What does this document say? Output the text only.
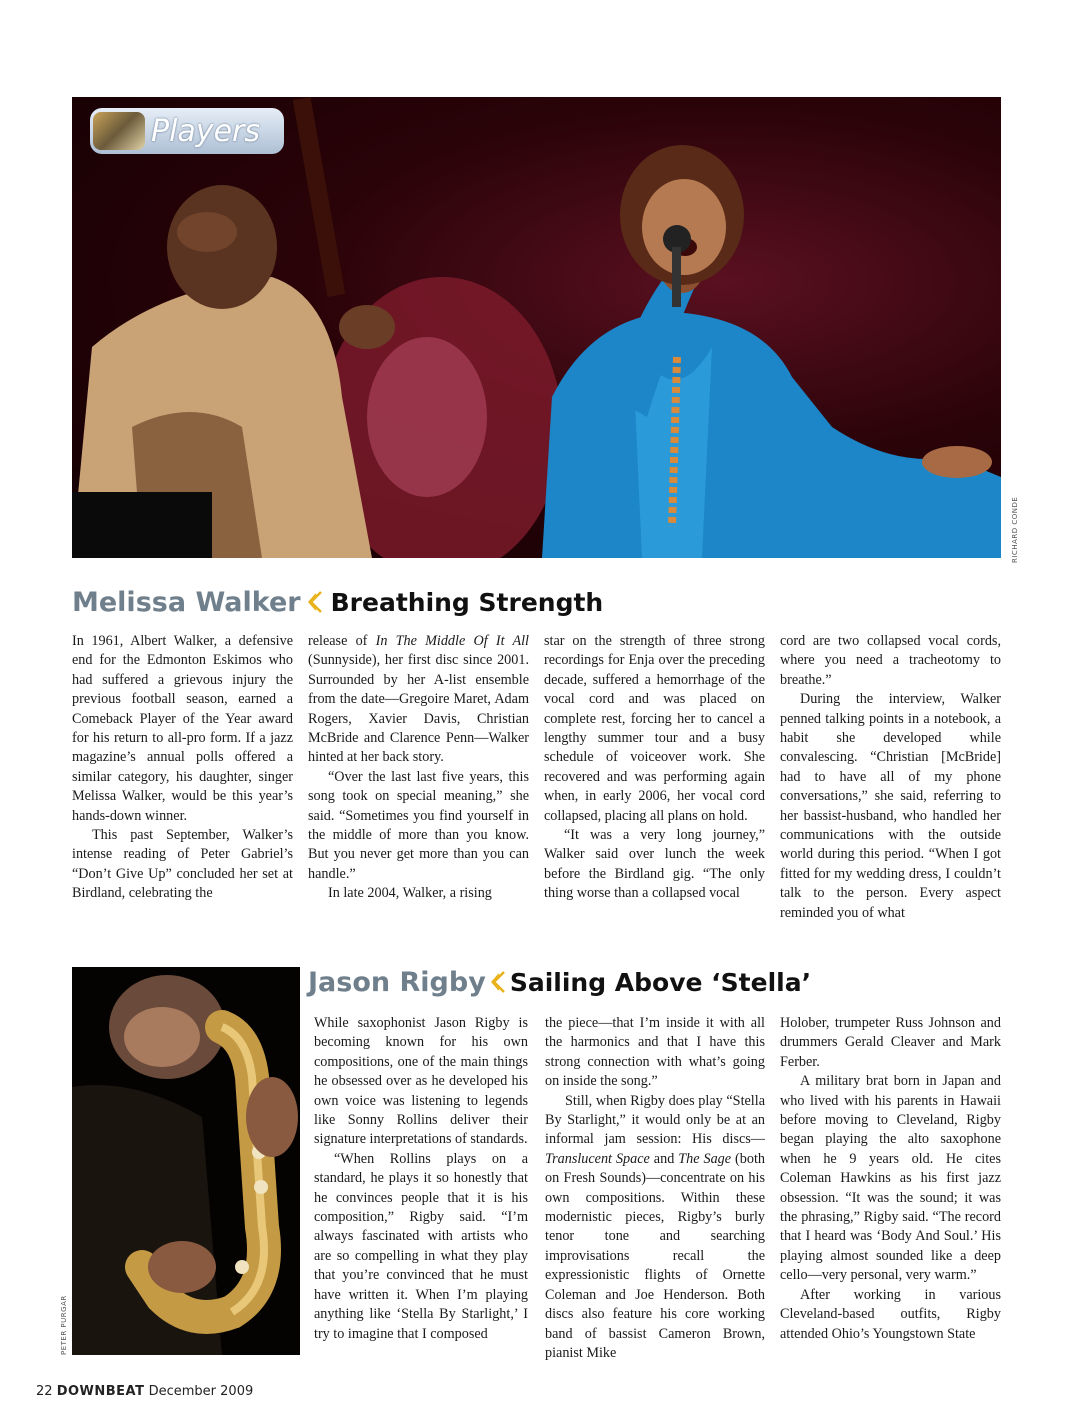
Players
RICHARD CONDE
Melissa Walker Breathing Strength

In 1961, Albert Walker, a defensive end for the Edmonton Eskimos who had suffered a grievous injury the previous football season, earned a Comeback Player of the Year award for his return to all-pro form. If a jazz magazine’s annual polls offered a similar category, his daughter, singer Melissa Walker, would be this year’s hands-down winner.

This past September, Walker’s intense reading of Peter Gabriel’s “Don’t Give Up” concluded her set at Birdland, celebrating the

release of In The Middle Of It All (Sunnyside), her first disc since 2001. Surrounded by her A-list ensemble from the date—Gregoire Maret, Adam Rogers, Xavier Davis, Christian McBride and Clarence Penn—Walker hinted at her back story.

“Over the last last five years, this song took on special meaning,” she said. “Sometimes you find yourself in the middle of more than you know. But you never get more than you can handle.”

In late 2004, Walker, a rising

star on the strength of three strong recordings for Enja over the preceding decade, suffered a hemorrhage of the vocal cord and was placed on complete rest, forcing her to cancel a lengthy summer tour and a busy schedule of voiceover work. She recovered and was performing again when, in early 2006, her vocal cord collapsed, placing all plans on hold.

“It was a very long journey,” Walker said over lunch the week before the Birdland gig. “The only thing worse than a collapsed vocal

cord are two collapsed vocal cords, where you need a tracheotomy to breathe.”

During the interview, Walker penned talking points in a notebook, a habit she developed while convalescing. “Christian [McBride] had to have all of my phone conversations,” she said, referring to her bassist-husband, who handled her communications with the outside world during this period. “When I got fitted for my wedding dress, I couldn’t talk to the person. Every aspect reminded you of what

PETER PURGAR
Jason Rigby Sailing Above ‘Stella’

While saxophonist Jason Rigby is becoming known for his own compositions, one of the main things he obsessed over as he developed his own voice was listening to legends like Sonny Rollins deliver their signature interpretations of standards.

“When Rollins plays on a standard, he plays it so honestly that he convinces people that it is his composition,” Rigby said. “I’m always fascinated with artists who are so compelling in what they play that you’re convinced that he must have written it. When I’m playing anything like ‘Stella By Starlight,’ I try to imagine that I composed

the piece—that I’m inside it with all the harmonics and that I have this strong connection with what’s going on inside the song.”

Still, when Rigby does play “Stella By Starlight,” it would only be at an informal jam session: His discs—Translucent Space and The Sage (both on Fresh Sounds)—concentrate on his own compositions. Within these modernistic pieces, Rigby’s burly tenor tone and searching improvisations recall the expressionistic flights of Ornette Coleman and Joe Henderson. Both discs also feature his core working band of bassist Cameron Brown, pianist Mike

Holober, trumpeter Russ Johnson and drummers Gerald Cleaver and Mark Ferber.

A military brat born in Japan and who lived with his parents in Hawaii before moving to Cleveland, Rigby began playing the alto saxophone when he 9 years old. He cites Coleman Hawkins as his first jazz obsession. “It was the sound; it was the phrasing,” Rigby said. “The record that I heard was ‘Body And Soul.’ His playing almost sounded like a deep cello—very personal, very warm.”

After working in various Cleveland-based outfits, Rigby attended Ohio’s Youngstown State

22 DOWNBEAT December 2009
